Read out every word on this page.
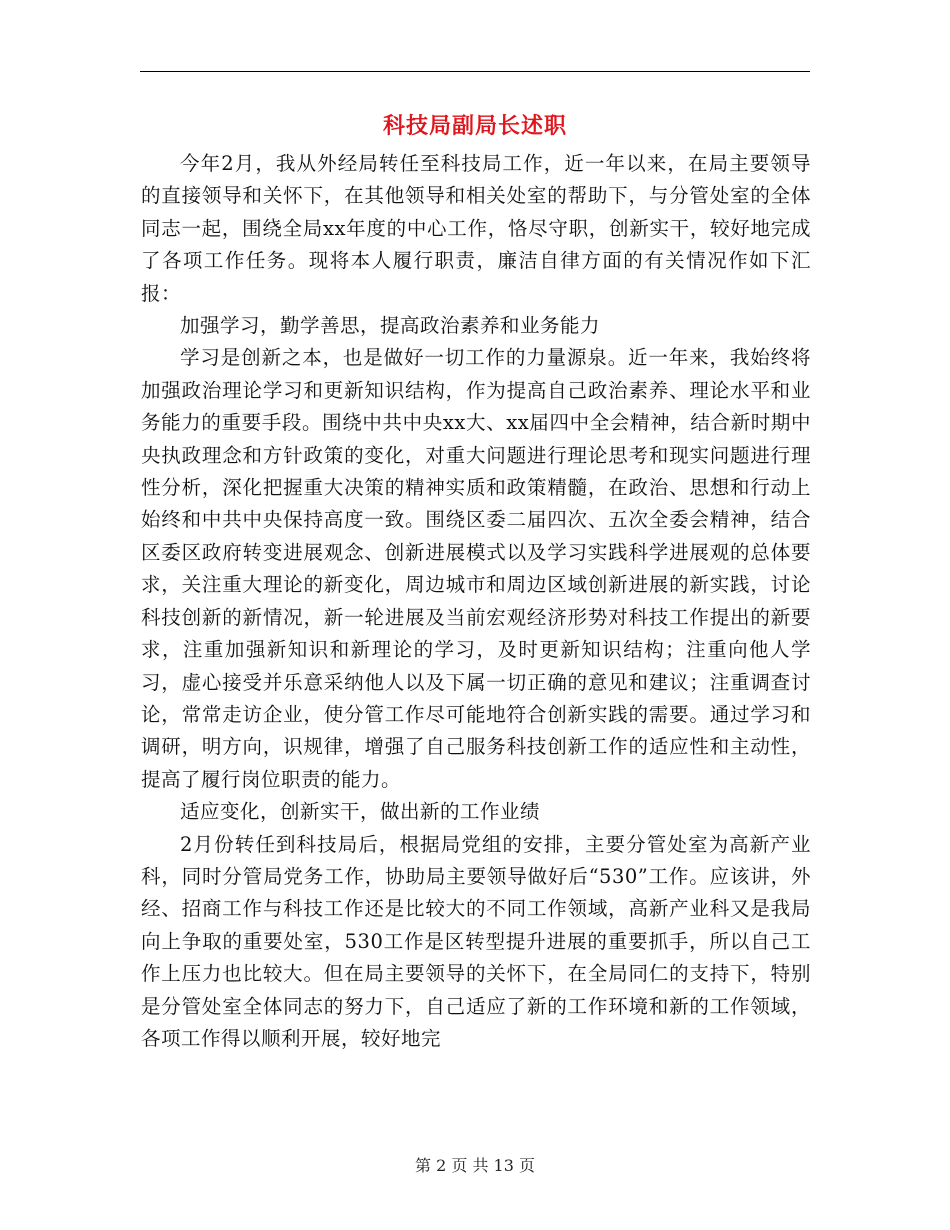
科技局副局长述职

今年2月，我从外经局转任至科技局工作，近一年以来，在局主要领导的直接领导和关怀下，在其他领导和相关处室的帮助下，与分管处室的全体同志一起，围绕全局xx年度的中心工作，恪尽守职，创新实干，较好地完成了各项工作任务。现将本人履行职责，廉洁自律方面的有关情况作如下汇报：

加强学习，勤学善思，提高政治素养和业务能力

学习是创新之本，也是做好一切工作的力量源泉。近一年来，我始终将加强政治理论学习和更新知识结构，作为提高自己政治素养、理论水平和业务能力的重要手段。围绕中共中央xx大、xx届四中全会精神，结合新时期中央执政理念和方针政策的变化，对重大问题进行理论思考和现实问题进行理性分析，深化把握重大决策的精神实质和政策精髓，在政治、思想和行动上始终和中共中央保持高度一致。围绕区委二届四次、五次全委会精神，结合区委区政府转变进展观念、创新进展模式以及学习实践科学进展观的总体要求，关注重大理论的新变化，周边城市和周边区域创新进展的新实践，讨论科技创新的新情况，新一轮进展及当前宏观经济形势对科技工作提出的新要求，注重加强新知识和新理论的学习，及时更新知识结构；注重向他人学习，虚心接受并乐意采纳他人以及下属一切正确的意见和建议；注重调查讨论，常常走访企业，使分管工作尽可能地符合创新实践的需要。通过学习和调研，明方向，识规律，增强了自己服务科技创新工作的适应性和主动性，提高了履行岗位职责的能力。

适应变化，创新实干，做出新的工作业绩

2月份转任到科技局后，根据局党组的安排，主要分管处室为高新产业科，同时分管局党务工作，协助局主要领导做好后“530”工作。应该讲，外经、招商工作与科技工作还是比较大的不同工作领域，高新产业科又是我局向上争取的重要处室，530工作是区转型提升进展的重要抓手，所以自己工作上压力也比较大。但在局主要领导的关怀下，在全局同仁的支持下，特别是分管处室全体同志的努力下，自己适应了新的工作环境和新的工作领域，各项工作得以顺利开展，较好地完

第 2 页 共 13 页
